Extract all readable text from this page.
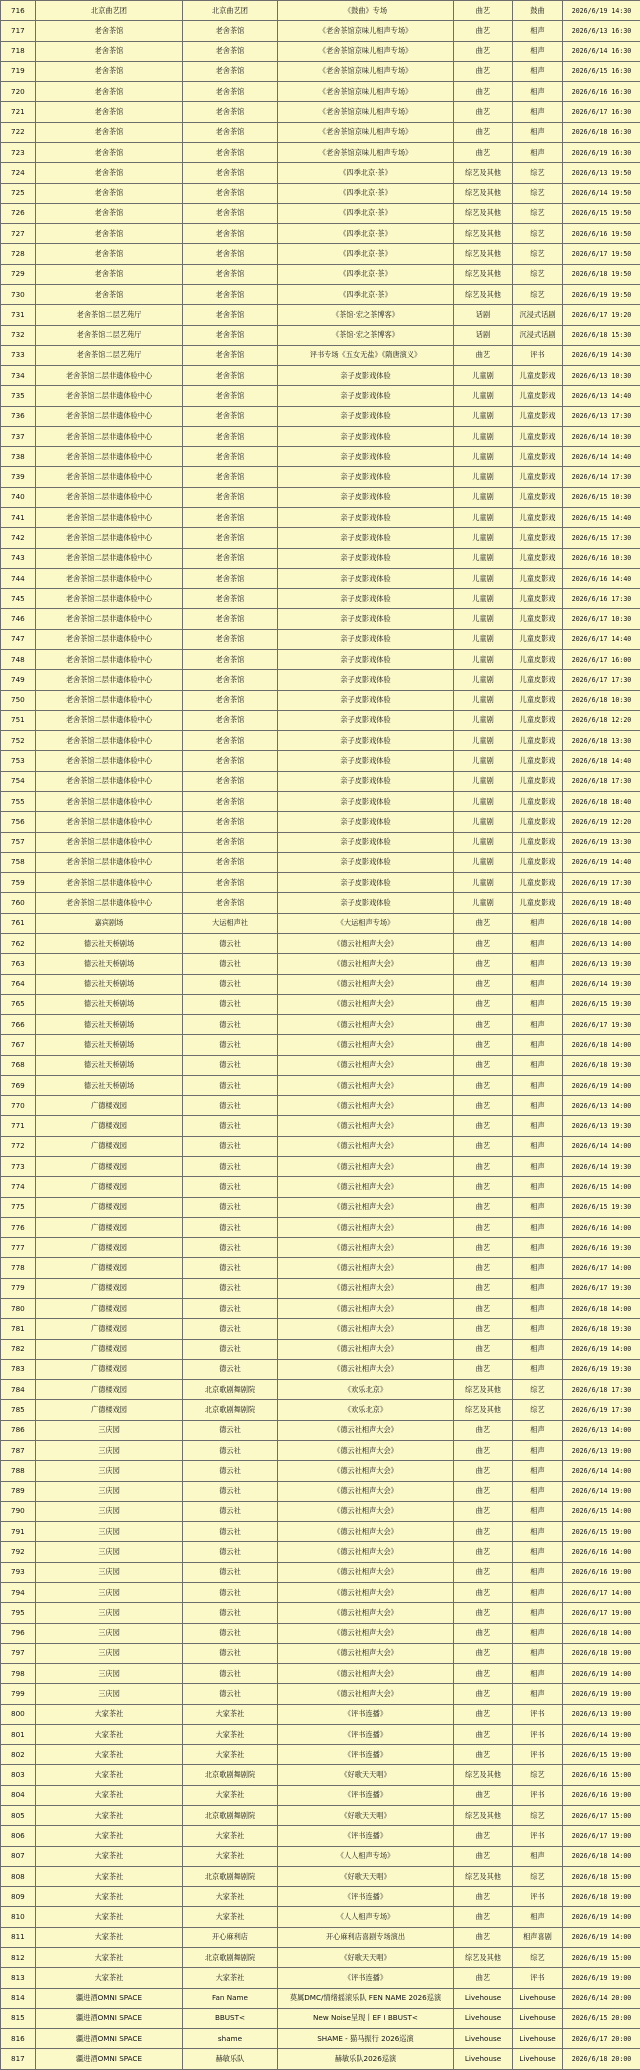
716	北京曲艺团	北京曲艺团	《鼓曲》专场	曲艺	鼓曲	2026/6/19 14:30
717	老舍茶馆	老舍茶馆	《老舍茶馆京味儿相声专场》	曲艺	相声	2026/6/13 16:30
718	老舍茶馆	老舍茶馆	《老舍茶馆京味儿相声专场》	曲艺	相声	2026/6/14 16:30
719	老舍茶馆	老舍茶馆	《老舍茶馆京味儿相声专场》	曲艺	相声	2026/6/15 16:30
720	老舍茶馆	老舍茶馆	《老舍茶馆京味儿相声专场》	曲艺	相声	2026/6/16 16:30
721	老舍茶馆	老舍茶馆	《老舍茶馆京味儿相声专场》	曲艺	相声	2026/6/17 16:30
722	老舍茶馆	老舍茶馆	《老舍茶馆京味儿相声专场》	曲艺	相声	2026/6/18 16:30
723	老舍茶馆	老舍茶馆	《老舍茶馆京味儿相声专场》	曲艺	相声	2026/6/19 16:30
724	老舍茶馆	老舍茶馆	《四季北京·茶》	综艺及其他	综艺	2026/6/13 19:50
725	老舍茶馆	老舍茶馆	《四季北京·茶》	综艺及其他	综艺	2026/6/14 19:50
726	老舍茶馆	老舍茶馆	《四季北京·茶》	综艺及其他	综艺	2026/6/15 19:50
727	老舍茶馆	老舍茶馆	《四季北京·茶》	综艺及其他	综艺	2026/6/16 19:50
728	老舍茶馆	老舍茶馆	《四季北京·茶》	综艺及其他	综艺	2026/6/17 19:50
729	老舍茶馆	老舍茶馆	《四季北京·茶》	综艺及其他	综艺	2026/6/18 19:50
730	老舍茶馆	老舍茶馆	《四季北京·茶》	综艺及其他	综艺	2026/6/19 19:50
731	老舍茶馆二层艺苑厅	老舍茶馆	《茶馆·宏之茶博客》	话剧	沉浸式话剧	2026/6/17 19:20
732	老舍茶馆二层艺苑厅	老舍茶馆	《茶馆·宏之茶博客》	话剧	沉浸式话剧	2026/6/18 15:30
733	老舍茶馆二层艺苑厅	老舍茶馆	评书专场《五女无盐》《隋唐演义》	曲艺	评书	2026/6/19 14:30
734	老舍茶馆二层非遗体验中心	老舍茶馆	亲子皮影戏体验	儿童剧	儿童皮影戏	2026/6/13 10:30
735	老舍茶馆二层非遗体验中心	老舍茶馆	亲子皮影戏体验	儿童剧	儿童皮影戏	2026/6/13 14:40
736	老舍茶馆二层非遗体验中心	老舍茶馆	亲子皮影戏体验	儿童剧	儿童皮影戏	2026/6/13 17:30
737	老舍茶馆二层非遗体验中心	老舍茶馆	亲子皮影戏体验	儿童剧	儿童皮影戏	2026/6/14 10:30
738	老舍茶馆二层非遗体验中心	老舍茶馆	亲子皮影戏体验	儿童剧	儿童皮影戏	2026/6/14 14:40
739	老舍茶馆二层非遗体验中心	老舍茶馆	亲子皮影戏体验	儿童剧	儿童皮影戏	2026/6/14 17:30
740	老舍茶馆二层非遗体验中心	老舍茶馆	亲子皮影戏体验	儿童剧	儿童皮影戏	2026/6/15 10:30
741	老舍茶馆二层非遗体验中心	老舍茶馆	亲子皮影戏体验	儿童剧	儿童皮影戏	2026/6/15 14:40
742	老舍茶馆二层非遗体验中心	老舍茶馆	亲子皮影戏体验	儿童剧	儿童皮影戏	2026/6/15 17:30
743	老舍茶馆二层非遗体验中心	老舍茶馆	亲子皮影戏体验	儿童剧	儿童皮影戏	2026/6/16 10:30
744	老舍茶馆二层非遗体验中心	老舍茶馆	亲子皮影戏体验	儿童剧	儿童皮影戏	2026/6/16 14:40
745	老舍茶馆二层非遗体验中心	老舍茶馆	亲子皮影戏体验	儿童剧	儿童皮影戏	2026/6/16 17:30
746	老舍茶馆二层非遗体验中心	老舍茶馆	亲子皮影戏体验	儿童剧	儿童皮影戏	2026/6/17 10:30
747	老舍茶馆二层非遗体验中心	老舍茶馆	亲子皮影戏体验	儿童剧	儿童皮影戏	2026/6/17 14:40
748	老舍茶馆二层非遗体验中心	老舍茶馆	亲子皮影戏体验	儿童剧	儿童皮影戏	2026/6/17 16:00
749	老舍茶馆二层非遗体验中心	老舍茶馆	亲子皮影戏体验	儿童剧	儿童皮影戏	2026/6/17 17:30
750	老舍茶馆二层非遗体验中心	老舍茶馆	亲子皮影戏体验	儿童剧	儿童皮影戏	2026/6/18 10:30
751	老舍茶馆二层非遗体验中心	老舍茶馆	亲子皮影戏体验	儿童剧	儿童皮影戏	2026/6/18 12:20
752	老舍茶馆二层非遗体验中心	老舍茶馆	亲子皮影戏体验	儿童剧	儿童皮影戏	2026/6/18 13:30
753	老舍茶馆二层非遗体验中心	老舍茶馆	亲子皮影戏体验	儿童剧	儿童皮影戏	2026/6/18 14:40
754	老舍茶馆二层非遗体验中心	老舍茶馆	亲子皮影戏体验	儿童剧	儿童皮影戏	2026/6/18 17:30
755	老舍茶馆二层非遗体验中心	老舍茶馆	亲子皮影戏体验	儿童剧	儿童皮影戏	2026/6/18 18:40
756	老舍茶馆二层非遗体验中心	老舍茶馆	亲子皮影戏体验	儿童剧	儿童皮影戏	2026/6/19 12:20
757	老舍茶馆二层非遗体验中心	老舍茶馆	亲子皮影戏体验	儿童剧	儿童皮影戏	2026/6/19 13:30
758	老舍茶馆二层非遗体验中心	老舍茶馆	亲子皮影戏体验	儿童剧	儿童皮影戏	2026/6/19 14:40
759	老舍茶馆二层非遗体验中心	老舍茶馆	亲子皮影戏体验	儿童剧	儿童皮影戏	2026/6/19 17:30
760	老舍茶馆二层非遗体验中心	老舍茶馆	亲子皮影戏体验	儿童剧	儿童皮影戏	2026/6/19 18:40
761	嘉宾剧场	大运相声社	《大运相声专场》	曲艺	相声	2026/6/18 14:00
762	德云社天桥剧场	德云社	《德云社相声大会》	曲艺	相声	2026/6/13 14:00
763	德云社天桥剧场	德云社	《德云社相声大会》	曲艺	相声	2026/6/13 19:30
764	德云社天桥剧场	德云社	《德云社相声大会》	曲艺	相声	2026/6/14 19:30
765	德云社天桥剧场	德云社	《德云社相声大会》	曲艺	相声	2026/6/15 19:30
766	德云社天桥剧场	德云社	《德云社相声大会》	曲艺	相声	2026/6/17 19:30
767	德云社天桥剧场	德云社	《德云社相声大会》	曲艺	相声	2026/6/18 14:00
768	德云社天桥剧场	德云社	《德云社相声大会》	曲艺	相声	2026/6/18 19:30
769	德云社天桥剧场	德云社	《德云社相声大会》	曲艺	相声	2026/6/19 14:00
770	广德楼戏园	德云社	《德云社相声大会》	曲艺	相声	2026/6/13 14:00
771	广德楼戏园	德云社	《德云社相声大会》	曲艺	相声	2026/6/13 19:30
772	广德楼戏园	德云社	《德云社相声大会》	曲艺	相声	2026/6/14 14:00
773	广德楼戏园	德云社	《德云社相声大会》	曲艺	相声	2026/6/14 19:30
774	广德楼戏园	德云社	《德云社相声大会》	曲艺	相声	2026/6/15 14:00
775	广德楼戏园	德云社	《德云社相声大会》	曲艺	相声	2026/6/15 19:30
776	广德楼戏园	德云社	《德云社相声大会》	曲艺	相声	2026/6/16 14:00
777	广德楼戏园	德云社	《德云社相声大会》	曲艺	相声	2026/6/16 19:30
778	广德楼戏园	德云社	《德云社相声大会》	曲艺	相声	2026/6/17 14:00
779	广德楼戏园	德云社	《德云社相声大会》	曲艺	相声	2026/6/17 19:30
780	广德楼戏园	德云社	《德云社相声大会》	曲艺	相声	2026/6/18 14:00
781	广德楼戏园	德云社	《德云社相声大会》	曲艺	相声	2026/6/18 19:30
782	广德楼戏园	德云社	《德云社相声大会》	曲艺	相声	2026/6/19 14:00
783	广德楼戏园	德云社	《德云社相声大会》	曲艺	相声	2026/6/19 19:30
784	广德楼戏园	北京歌剧舞剧院	《欢乐北京》	综艺及其他	综艺	2026/6/18 17:30
785	广德楼戏园	北京歌剧舞剧院	《欢乐北京》	综艺及其他	综艺	2026/6/19 17:30
786	三庆园	德云社	《德云社相声大会》	曲艺	相声	2026/6/13 14:00
787	三庆园	德云社	《德云社相声大会》	曲艺	相声	2026/6/13 19:00
788	三庆园	德云社	《德云社相声大会》	曲艺	相声	2026/6/14 14:00
789	三庆园	德云社	《德云社相声大会》	曲艺	相声	2026/6/14 19:00
790	三庆园	德云社	《德云社相声大会》	曲艺	相声	2026/6/15 14:00
791	三庆园	德云社	《德云社相声大会》	曲艺	相声	2026/6/15 19:00
792	三庆园	德云社	《德云社相声大会》	曲艺	相声	2026/6/16 14:00
793	三庆园	德云社	《德云社相声大会》	曲艺	相声	2026/6/16 19:00
794	三庆园	德云社	《德云社相声大会》	曲艺	相声	2026/6/17 14:00
795	三庆园	德云社	《德云社相声大会》	曲艺	相声	2026/6/17 19:00
796	三庆园	德云社	《德云社相声大会》	曲艺	相声	2026/6/18 14:00
797	三庆园	德云社	《德云社相声大会》	曲艺	相声	2026/6/18 19:00
798	三庆园	德云社	《德云社相声大会》	曲艺	相声	2026/6/19 14:00
799	三庆园	德云社	《德云社相声大会》	曲艺	相声	2026/6/19 19:00
800	大家茶社	大家茶社	《评书连播》	曲艺	评书	2026/6/13 19:00
801	大家茶社	大家茶社	《评书连播》	曲艺	评书	2026/6/14 19:00
802	大家茶社	大家茶社	《评书连播》	曲艺	评书	2026/6/15 19:00
803	大家茶社	北京歌剧舞剧院	《好歌天天唱》	综艺及其他	综艺	2026/6/16 15:00
804	大家茶社	大家茶社	《评书连播》	曲艺	评书	2026/6/16 19:00
805	大家茶社	北京歌剧舞剧院	《好歌天天唱》	综艺及其他	综艺	2026/6/17 15:00
806	大家茶社	大家茶社	《评书连播》	曲艺	评书	2026/6/17 19:00
807	大家茶社	大家茶社	《人人相声专场》	曲艺	相声	2026/6/18 14:00
808	大家茶社	北京歌剧舞剧院	《好歌天天唱》	综艺及其他	综艺	2026/6/18 15:00
809	大家茶社	大家茶社	《评书连播》	曲艺	评书	2026/6/18 19:00
810	大家茶社	大家茶社	《人人相声专场》	曲艺	相声	2026/6/19 14:00
811	大家茶社	开心麻利店	开心麻利店喜剧专场演出	曲艺	相声喜剧	2026/6/19 14:00
812	大家茶社	北京歌剧舞剧院	《好歌天天唱》	综艺及其他	综艺	2026/6/19 15:00
813	大家茶社	大家茶社	《评书连播》	曲艺	评书	2026/6/19 19:00
814	疆进酒OMNI SPACE	Fan Name	莫属DMC/情绪摇滚乐队 FEN NAME 2026巡演	Livehouse	Livehouse	2026/6/14 20:00
815	疆进酒OMNI SPACE	BBUST<	New Noise呈现丨EF I BBUST<	Livehouse	Livehouse	2026/6/15 20:00
816	疆进酒OMNI SPACE	shame	SHAME - 猫马振行 2026巡演	Livehouse	Livehouse	2026/6/17 20:00
817	疆进酒OMNI SPACE	赫敏乐队	赫敏乐队2026巡演	Livehouse	Livehouse	2026/6/18 20:00
